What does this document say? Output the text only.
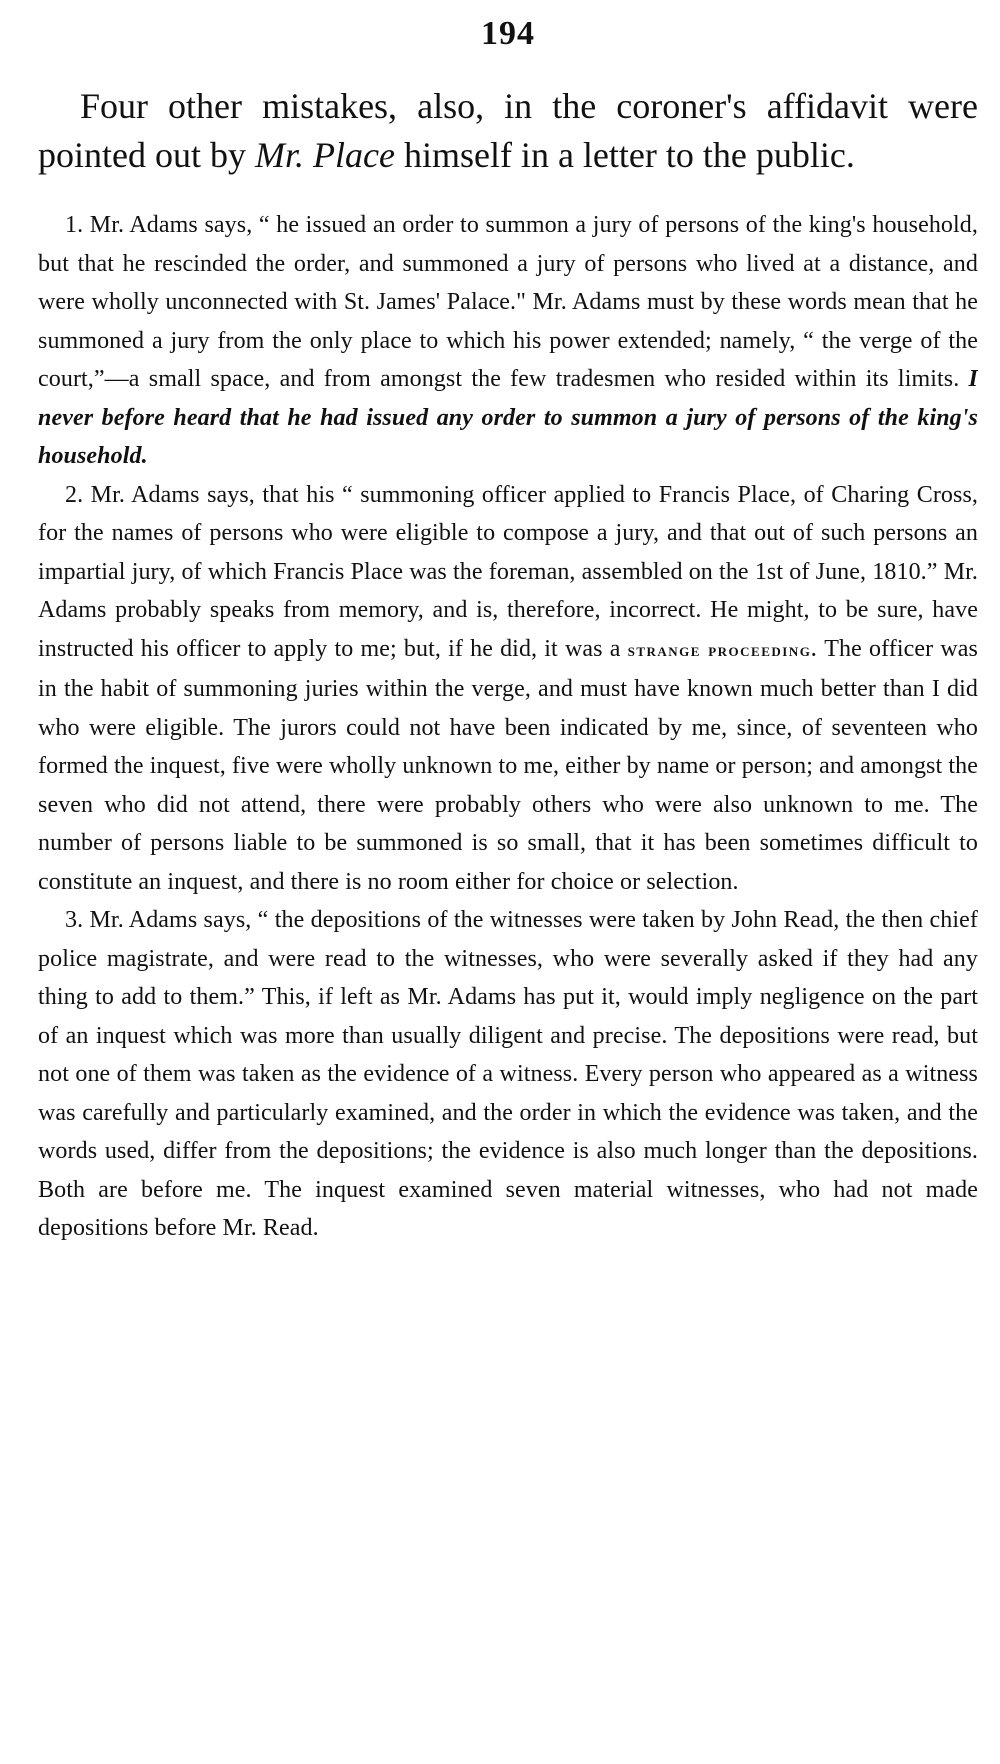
194

Four other mistakes, also, in the coroner's affidavit were pointed out by Mr. Place himself in a letter to the public.

1. Mr. Adams says, “ he issued an order to summon a jury of persons of the king's household, but that he rescinded the order, and summoned a jury of persons who lived at a distance, and were wholly unconnected with St. James' Palace." Mr. Adams must by these words mean that he summoned a jury from the only place to which his power extended; namely, “ the verge of the court,”—a small space, and from amongst the few tradesmen who resided within its limits. I never before heard that he had issued any order to summon a jury of persons of the king's household.

2. Mr. Adams says, that his “ summoning officer applied to Francis Place, of Charing Cross, for the names of persons who were eligible to compose a jury, and that out of such persons an impartial jury, of which Francis Place was the foreman, assembled on the 1st of June, 1810.” Mr. Adams probably speaks from memory, and is, therefore, incorrect. He might, to be sure, have instructed his officer to apply to me; but, if he did, it was a strange proceeding. The officer was in the habit of summoning juries within the verge, and must have known much better than I did who were eligible. The jurors could not have been indicated by me, since, of seventeen who formed the inquest, five were wholly unknown to me, either by name or person; and amongst the seven who did not attend, there were probably others who were also unknown to me. The number of persons liable to be summoned is so small, that it has been sometimes difficult to constitute an inquest, and there is no room either for choice or selection.

3. Mr. Adams says, “ the depositions of the witnesses were taken by John Read, the then chief police magistrate, and were read to the witnesses, who were severally asked if they had any thing to add to them.” This, if left as Mr. Adams has put it, would imply negligence on the part of an inquest which was more than usually diligent and precise. The depositions were read, but not one of them was taken as the evidence of a witness. Every person who appeared as a witness was carefully and particularly examined, and the order in which the evidence was taken, and the words used, differ from the depositions; the evidence is also much longer than the depositions. Both are before me. The inquest examined seven material witnesses, who had not made depositions before Mr. Read.
